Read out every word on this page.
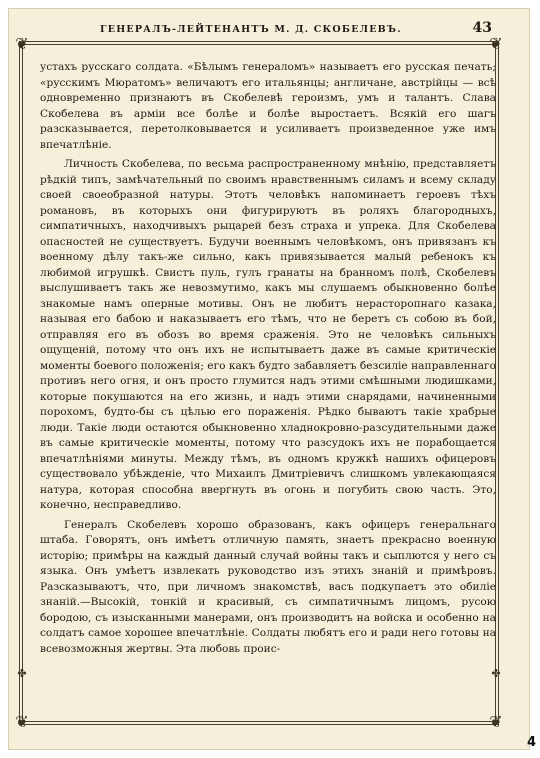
ГЕНЕРАЛЪ-ЛЕЙТЕНАНТЪ М. Д. СКОБЕЛЕВЪ.	43
❦	❦
❦	❦
✤	✤

устахъ русскаго солдата. «Бѣлымъ генераломъ» называетъ его русская печать; «русскимъ Мюратомъ» величаютъ его итальянцы; англичане, австрійцы — всѣ одновременно признаютъ въ Скобелевѣ героизмъ, умъ и талантъ. Слава Скобелева въ арміи все болѣе и болѣе выростаетъ. Всякій его шагъ разсказывается, перетолковывается и усиливаетъ произведенное уже имъ впечатлѣніе.

Личность Скобелева, по весьма распространенному мнѣнію, представляетъ рѣдкій типъ, замѣчательный по своимъ нравственнымъ силамъ и всему складу своей своеобразной натуры. Этотъ человѣкъ напоминаетъ героевъ тѣхъ романовъ, въ которыхъ они фигурируютъ въ роляхъ благородныхъ, симпатичныхъ, находчивыхъ рыцарей безъ страха и упрека. Для Скобелева опасностей не существуетъ. Будучи военнымъ человѣкомъ, онъ привязанъ къ военному дѣлу такъ-же сильно, какъ привязывается малый ребенокъ къ любимой игрушкѣ. Свистъ пуль, гулъ гранаты на бранномъ полѣ, Скобелевъ выслушиваетъ такъ же невозмутимо, какъ мы слушаемъ обыкновенно болѣе знакомые намъ оперные мотивы. Онъ не любитъ нерасторопнаго казака, называя его бабою и наказываетъ его тѣмъ, что не беретъ съ собою въ бой, отправляя его въ обозъ во время сраженія. Это не человѣкъ сильныхъ ощущеній, потому что онъ ихъ не испытываетъ даже въ самые критическіе моменты боевого положенія; его какъ будто забавляетъ безсиліе направленнаго противъ него огня, и онъ просто глумится надъ этими смѣшными людишками, которые покушаются на его жизнь, и надъ этими снарядами, начиненными порохомъ, будто-бы съ цѣлью его пораженія. Рѣдко бываютъ такіе храбрые люди. Такіе люди остаются обыкновенно хладнокровно-разсудительными даже въ самые критическіе моменты, потому что разсудокъ ихъ не порабощается впечатлѣніями минуты. Между тѣмъ, въ одномъ кружкѣ нашихъ офицеровъ существовало убѣжденіе, что Михаилъ Дмитріевичъ слишкомъ увлекающаяся натура, которая способна ввергнуть въ огонь и погубить свою часть. Это, конечно, несправедливо.

Генералъ Скобелевъ хорошо образованъ, какъ офицеръ генеральнаго штаба. Говорятъ, онъ имѣетъ отличную память, знаетъ прекрасно военную исторію; примѣры на каждый данный случай войны такъ и сыплются у него съ языка. Онъ умѣетъ извлекать руководство изъ этихъ знаній и примѣровъ. Разсказываютъ, что, при личномъ знакомствѣ, васъ подкупаетъ это обиліе знаній.—Высокій, тонкій и красивый, съ симпатичнымъ лицомъ, русою бородою, съ изысканными манерами, онъ производитъ на войска и особенно на солдатъ самое хорошее впечатлѣніе. Солдаты любятъ его и ради него готовы на всевозможныя жертвы. Эта любовь проис-

4
